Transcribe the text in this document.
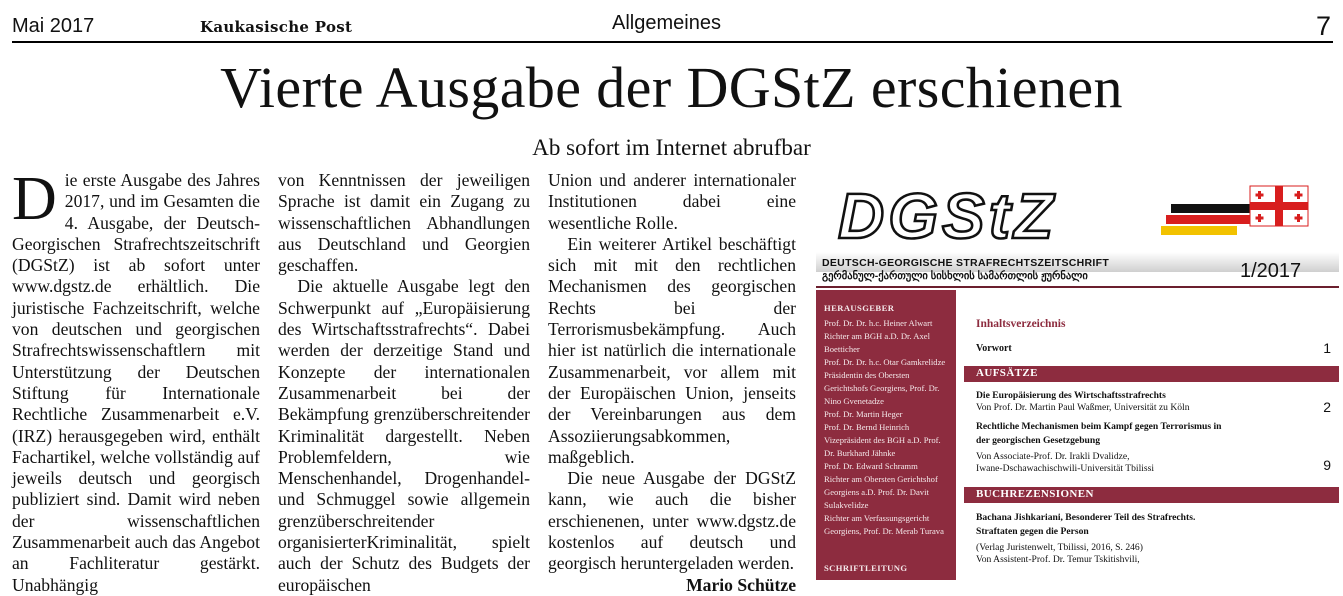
Mai 2017	Kaukasische Post	Allgemeines	7
Vierte Ausgabe der DGStZ erschienen
Ab sofort im Internet abrufbar
D ie erste Ausgabe des Jahres 2017, und im Gesamten die 4. Ausgabe, der Deutsch-Georgischen Strafrechtszeitschrift (DGStZ) ist ab sofort unter www.dgstz.de erhältlich. Die juristische Fachzeitschrift, welche von deutschen und georgischen Strafrechtswissenschaftlern mit Unterstützung der Deutschen Stiftung für Internationale Rechtliche Zusammenarbeit e.V. (IRZ) herausgegeben wird, enthält Fachartikel, welche vollständig auf jeweils deutsch und georgisch publiziert sind. Damit wird neben der wissenschaftlichen Zusammenarbeit auch das Angebot an Fachliteratur gestärkt. Unabhängig

von Kenntnissen der jeweiligen Sprache ist damit ein Zugang zu wissenschaftlichen Abhandlungen aus Deutschland und Georgien geschaffen.

Die aktuelle Ausgabe legt den Schwerpunkt auf „Europäisierung des Wirtschaftsstrafrechts“. Dabei werden der derzeitige Stand und Konzepte der internationalen Zusammenarbeit bei der Bekämpfung grenzüberschreitender Kriminalität dargestellt. Neben Problemfeldern, wie Menschenhandel, Drogenhandel- und Schmuggel sowie allgemein grenzüberschreitender organisierterKriminalität, spielt auch der Schutz des Budgets der europäischen

Union und anderer internationaler Institutionen dabei eine wesentliche Rolle.

Ein weiterer Artikel beschäftigt sich mit mit den rechtlichen Mechanismen des georgischen Rechts bei der Terrorismusbekämpfung. Auch hier ist natürlich die internationale Zusammenarbeit, vor allem mit der Europäischen Union, jenseits der Vereinbarungen aus dem Assoziierungsabkommen, maßgeblich.

Die neue Ausgabe der DGStZ kann, wie auch die bisher erschienenen, unter www.dgstz.de kostenlos auf deutsch und georgisch heruntergeladen werden.

Mario Schütze

DGStZ
DEUTSCH-GEORGISCHE STRAFRECHTSZEITSCHRIFT
გერმანულ-ქართული სისხლის სამართლის ჟურნალი	1/2017
HERAUSGEBER
Prof. Dr. Dr. h.c. Heiner Alwart
Richter am BGH a.D. Dr. Axel
Boetticher
Prof. Dr. Dr. h.c. Otar Gamkrelidze
Präsidentin des Obersten
Gerichtshofs Georgiens, Prof. Dr.
Nino Gvenetadze
Prof. Dr. Martin Heger
Prof. Dr. Bernd Heinrich
Vizepräsident des BGH a.D. Prof.
Dr. Burkhard Jähnke
Prof. Dr. Edward Schramm
Richter am Obersten Gerichtshof
Georgiens a.D. Prof. Dr. Davit
Sulakvelidze
Richter am Verfassungsgericht
Georgiens, Prof. Dr. Merab Turava
SCHRIFTLEITUNG
Inhaltsverzeichnis
Vorwort	1
AUFSÄTZE
Die Europäisierung des Wirtschaftsstrafrechts
Von Prof. Dr. Martin Paul Waßmer, Universität zu Köln	2
Rechtliche Mechanismen beim Kampf gegen Terrorismus in
der georgischen Gesetzgebung
Von Associate-Prof. Dr. Irakli Dvalidze,
Iwane-Dschawachischwili-Universität Tbilissi	9
BUCHREZENSIONEN
Bachana Jishkariani, Besonderer Teil des Strafrechts.
Straftaten gegen die Person
(Verlag Juristenwelt, Tbilissi, 2016, S. 246)
Von Assistent-Prof. Dr. Temur Tskitishvili,
